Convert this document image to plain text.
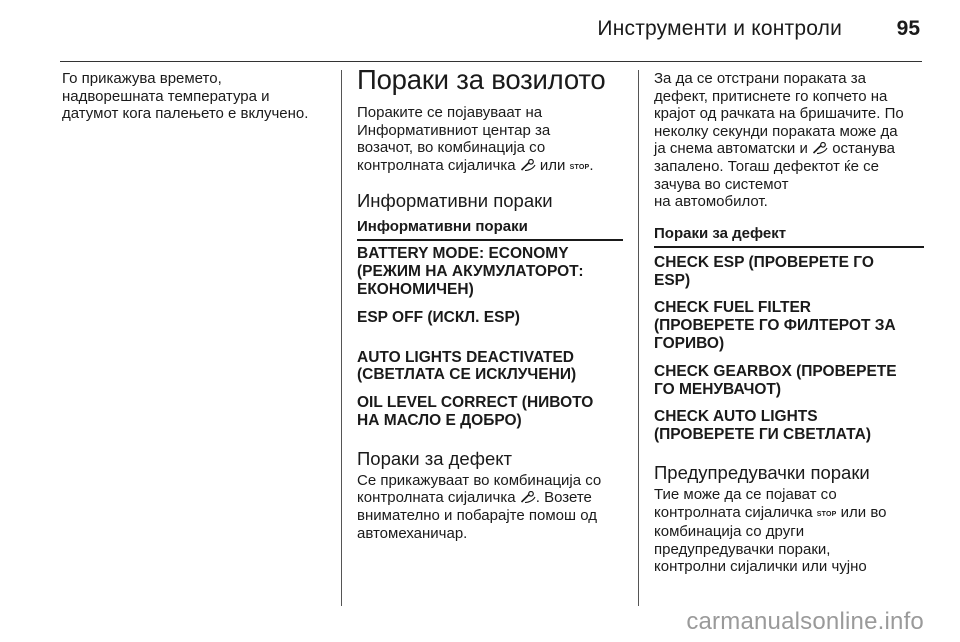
Инструменти и контроли	95

Го прикажува времето,

надворешната температура и

датумот кога палењето е вклучено.

Пораки за возилото

Пораките се појавуваат на

Информативниот центар за

возачот, во комбинација со

контролната сијаличка или STOP.

Информативни пораки

Информативни пораки

BATTERY MODE: ECONOMY

(РЕЖИМ НА АКУМУЛАТОРОТ:

ЕКОНОМИЧЕН)

ESP OFF (ИСКЛ. ESP)

AUTO LIGHTS DEACTIVATED

(СВЕТЛАТА СЕ ИСКЛУЧЕНИ)

OIL LEVEL CORRECT (НИВОТО

НА МАСЛО Е ДОБРО)

Пораки за дефект

Се прикажуваат во комбинација со

контролната сијаличка . Возете

внимателно и побарајте помош од

автомеханичар.

За да се отстрани пораката за

дефект, притиснете го копчето на

крајот од рачката на бришачите. По

неколку секунди пораката може да

ја снема автоматски и останува

запалено. Тогаш дефектот ќе се

зачува во системот

на автомобилот.

Пораки за дефект

CHECK ESP (ПРОВЕРЕТЕ ГО

ESP)

CHECK FUEL FILTER

(ПРОВЕРЕТЕ ГО ФИЛТЕРОТ ЗА

ГОРИВО)

CHECK GEARBOX (ПРОВЕРЕТЕ

ГО МЕНУВАЧОТ)

CHECK AUTO LIGHTS

(ПРОВЕРЕТЕ ГИ СВЕТЛАТА)

Предупредувачки пораки

Тие може да се појават со

контролната сијаличка STOP или во

комбинација со други

предупредувачки пораки,

контролни сијалички или чујно

carmanualsonline.info
